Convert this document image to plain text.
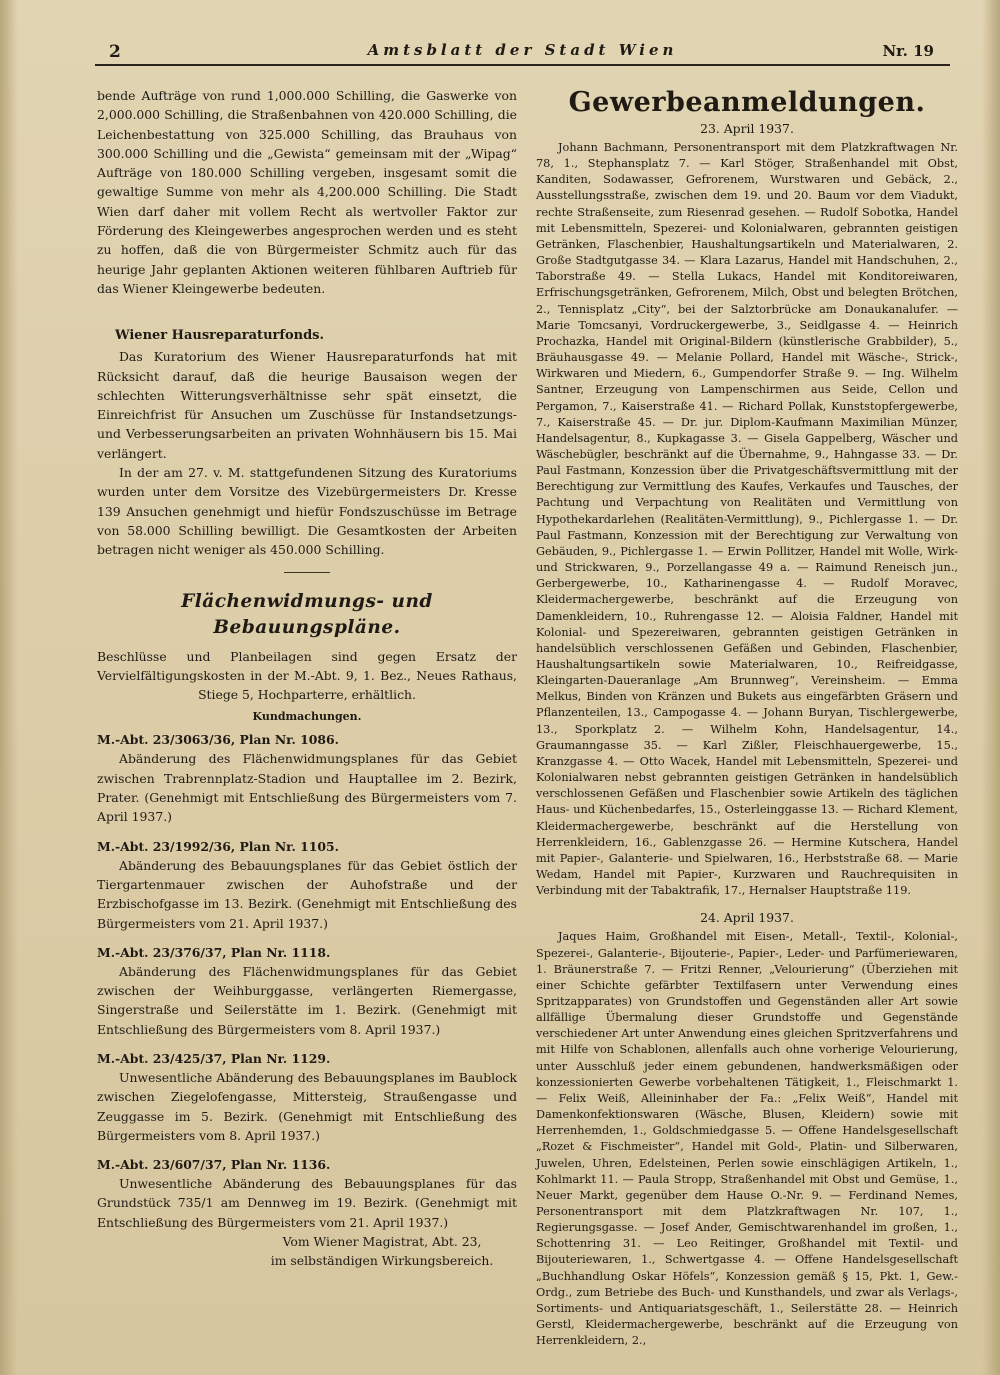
2	Amtsblatt der Stadt Wien	Nr. 19

bende Aufträge von rund 1,000.000 Schilling, die Gaswerke von 2,000.000 Schilling, die Straßenbahnen von 420.000 Schilling, die Leichenbestattung von 325.000 Schilling, das Brauhaus von 300.000 Schilling und die „Gewista“ gemeinsam mit der „Wipag“ Aufträge von 180.000 Schilling vergeben, insgesamt somit die gewaltige Summe von mehr als 4,200.000 Schilling. Die Stadt Wien darf daher mit vollem Recht als wertvoller Faktor zur Förderung des Kleingewerbes angesprochen werden und es steht zu hoffen, daß die von Bürgermeister Schmitz auch für das heurige Jahr geplanten Aktionen weiteren fühlbaren Auftrieb für das Wiener Kleingewerbe bedeuten.

Wiener Hausreparaturfonds.

Das Kuratorium des Wiener Hausreparaturfonds hat mit Rücksicht darauf, daß die heurige Bausaison wegen der schlechten Witterungsverhältnisse sehr spät einsetzt, die Einreichfrist für Ansuchen um Zuschüsse für Instandsetzungs- und Verbesserungsarbeiten an privaten Wohnhäusern bis 15. Mai verlängert.

In der am 27. v. M. stattgefundenen Sitzung des Kuratoriums wurden unter dem Vorsitze des Vizebürgermeisters Dr. Kresse 139 Ansuchen genehmigt und hiefür Fondszuschüsse im Betrage von 58.000 Schilling bewilligt. Die Gesamtkosten der Arbeiten betragen nicht weniger als 450.000 Schilling.

Flächenwidmungs- und Bebauungspläne.

Beschlüsse und Planbeilagen sind gegen Ersatz der Vervielfältigungskosten in der M.-Abt. 9, 1. Bez., Neues Rathaus, Stiege 5, Hochparterre, erhältlich.

Kundmachungen.
M.-Abt. 23/3063/36, Plan Nr. 1086.

Abänderung des Flächenwidmungsplanes für das Gebiet zwischen Trabrennplatz-Stadion und Hauptallee im 2. Bezirk, Prater. (Genehmigt mit Entschließung des Bürgermeisters vom 7. April 1937.)

M.-Abt. 23/1992/36, Plan Nr. 1105.

Abänderung des Bebauungsplanes für das Gebiet östlich der Tiergartenmauer zwischen der Auhofstraße und der Erzbischofgasse im 13. Bezirk. (Genehmigt mit Entschließung des Bürgermeisters vom 21. April 1937.)

M.-Abt. 23/376/37, Plan Nr. 1118.

Abänderung des Flächenwidmungsplanes für das Gebiet zwischen der Weihburggasse, verlängerten Riemergasse, Singerstraße und Seilerstätte im 1. Bezirk. (Genehmigt mit Entschließung des Bürgermeisters vom 8. April 1937.)

M.-Abt. 23/425/37, Plan Nr. 1129.

Unwesentliche Abänderung des Bebauungsplanes im Baublock zwischen Ziegelofengasse, Mittersteig, Straußengasse und Zeuggasse im 5. Bezirk. (Genehmigt mit Entschließung des Bürgermeisters vom 8. April 1937.)

M.-Abt. 23/607/37, Plan Nr. 1136.

Unwesentliche Abänderung des Bebauungsplanes für das Grundstück 735/1 am Dennweg im 19. Bezirk. (Genehmigt mit Entschließung des Bürgermeisters vom 21. April 1937.)

Vom Wiener Magistrat, Abt. 23,
im selbständigen Wirkungsbereich.
Gewerbeanmeldungen.
23. April 1937.

Johann Bachmann, Personentransport mit dem Platzkraftwagen Nr. 78, 1., Stephansplatz 7. — Karl Stöger, Straßenhandel mit Obst, Kanditen, Sodawasser, Gefrorenem, Wurstwaren und Gebäck, 2., Ausstellungsstraße, zwischen dem 19. und 20. Baum vor dem Viadukt, rechte Straßenseite, zum Riesenrad gesehen. — Rudolf Sobotka, Handel mit Lebensmitteln, Spezerei- und Kolonialwaren, gebrannten geistigen Getränken, Flaschenbier, Haushaltungsartikeln und Materialwaren, 2. Große Stadtgutgasse 34. — Klara Lazarus, Handel mit Handschuhen, 2., Taborstraße 49. — Stella Lukacs, Handel mit Konditoreiwaren, Erfrischungsgetränken, Gefrorenem, Milch, Obst und belegten Brötchen, 2., Tennisplatz „City“, bei der Salztorbrücke am Donaukanalufer. — Marie Tomcsanyi, Vordruckergewerbe, 3., Seidlgasse 4. — Heinrich Prochazka, Handel mit Original-Bildern (künstlerische Grabbilder), 5., Bräuhausgasse 49. — Melanie Pollard, Handel mit Wäsche-, Strick-, Wirkwaren und Miedern, 6., Gumpendorfer Straße 9. — Ing. Wilhelm Santner, Erzeugung von Lampenschirmen aus Seide, Cellon und Pergamon, 7., Kaiserstraße 41. — Richard Pollak, Kunststopfergewerbe, 7., Kaiserstraße 45. — Dr. jur. Diplom-Kaufmann Maximilian Münzer, Handelsagentur, 8., Kupkagasse 3. — Gisela Gappelberg, Wäscher und Wäschebügler, beschränkt auf die Übernahme, 9., Hahngasse 33. — Dr. Paul Fastmann, Konzession über die Privatgeschäftsvermittlung mit der Berechtigung zur Vermittlung des Kaufes, Verkaufes und Tausches, der Pachtung und Verpachtung von Realitäten und Vermittlung von Hypothekardarlehen (Realitäten-Vermittlung), 9., Pichlergasse 1. — Dr. Paul Fastmann, Konzession mit der Berechtigung zur Verwaltung von Gebäuden, 9., Pichlergasse 1. — Erwin Pollitzer, Handel mit Wolle, Wirk- und Strickwaren, 9., Porzellangasse 49 a. — Raimund Reneisch jun., Gerbergewerbe, 10., Katharinengasse 4. — Rudolf Moravec, Kleidermachergewerbe, beschränkt auf die Erzeugung von Damenkleidern, 10., Ruhrengasse 12. — Aloisia Faldner, Handel mit Kolonial- und Spezereiwaren, gebrannten geistigen Getränken in handelsüblich verschlossenen Gefäßen und Gebinden, Flaschenbier, Haushaltungsartikeln sowie Materialwaren, 10., Reifreidgasse, Kleingarten-Daueranlage „Am Brunnweg“, Vereinsheim. — Emma Melkus, Binden von Kränzen und Bukets aus eingefärbten Gräsern und Pflanzenteilen, 13., Campogasse 4. — Johann Buryan, Tischlergewerbe, 13., Sporkplatz 2. — Wilhelm Kohn, Handelsagentur, 14., Graumanngasse 35. — Karl Zißler, Fleischhauergewerbe, 15., Kranzgasse 4. — Otto Wacek, Handel mit Lebensmitteln, Spezerei- und Kolonialwaren nebst gebrannten geistigen Getränken in handelsüblich verschlossenen Gefäßen und Flaschenbier sowie Artikeln des täglichen Haus- und Küchenbedarfes, 15., Osterleinggasse 13. — Richard Klement, Kleidermachergewerbe, beschränkt auf die Herstellung von Herrenkleidern, 16., Gablenzgasse 26. — Hermine Kutschera, Handel mit Papier-, Galanterie- und Spielwaren, 16., Herbststraße 68. — Marie Wedam, Handel mit Papier-, Kurzwaren und Rauchrequisiten in Verbindung mit der Tabaktrafik, 17., Hernalser Hauptstraße 119.

24. April 1937.

Jaques Haim, Großhandel mit Eisen-, Metall-, Textil-, Kolonial-, Spezerei-, Galanterie-, Bijouterie-, Papier-, Leder- und Parfümeriewaren, 1. Bräunerstraße 7. — Fritzi Renner, „Velourierung“ (Überziehen mit einer Schichte gefärbter Textilfasern unter Verwendung eines Spritzapparates) von Grundstoffen und Gegenständen aller Art sowie allfällige Übermalung dieser Grundstoffe und Gegenstände verschiedener Art unter Anwendung eines gleichen Spritzverfahrens und mit Hilfe von Schablonen, allenfalls auch ohne vorherige Velourierung, unter Ausschluß jeder einem gebundenen, handwerksmäßigen oder konzessionierten Gewerbe vorbehaltenen Tätigkeit, 1., Fleischmarkt 1. — Felix Weiß, Alleininhaber der Fa.: „Felix Weiß“, Handel mit Damenkonfektionswaren (Wäsche, Blusen, Kleidern) sowie mit Herrenhemden, 1., Goldschmiedgasse 5. — Offene Handelsgesellschaft „Rozet & Fischmeister“, Handel mit Gold-, Platin- und Silberwaren, Juwelen, Uhren, Edelsteinen, Perlen sowie einschlägigen Artikeln, 1., Kohlmarkt 11. — Paula Stropp, Straßenhandel mit Obst und Gemüse, 1., Neuer Markt, gegenüber dem Hause O.-Nr. 9. — Ferdinand Nemes, Personentransport mit dem Platzkraftwagen Nr. 107, 1., Regierungsgasse. — Josef Ander, Gemischtwarenhandel im großen, 1., Schottenring 31. — Leo Reitinger, Großhandel mit Textil- und Bijouteriewaren, 1., Schwertgasse 4. — Offene Handelsgesellschaft „Buchhandlung Oskar Höfels“, Konzession gemäß § 15, Pkt. 1, Gew.-Ordg., zum Betriebe des Buch- und Kunsthandels, und zwar als Verlags-, Sortiments- und Antiquariatsgeschäft, 1., Seilerstätte 28. — Heinrich Gerstl, Kleidermachergewerbe, beschränkt auf die Erzeugung von Herrenkleidern, 2.,
